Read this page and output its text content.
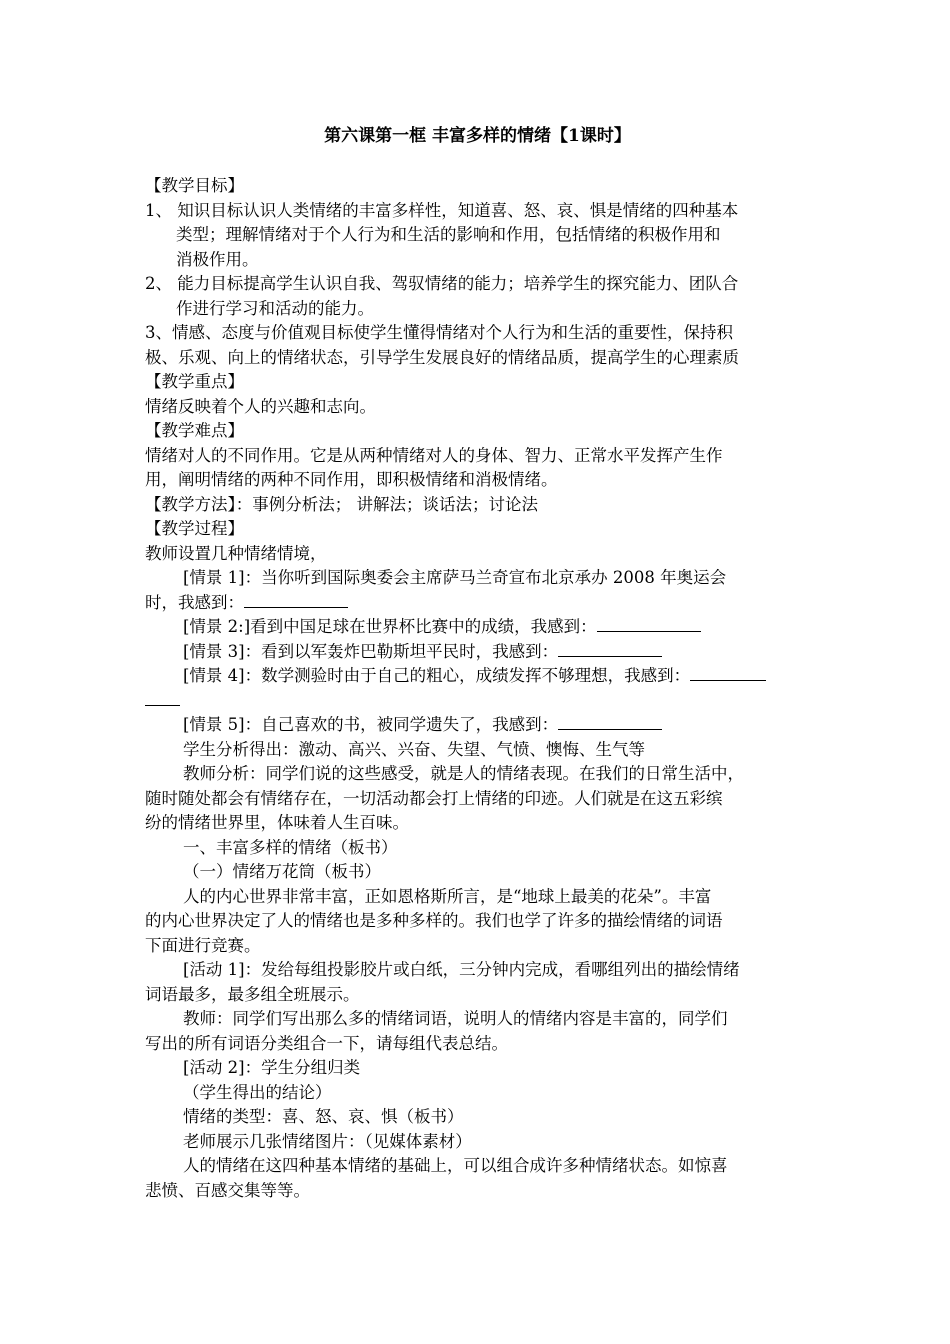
第六课第一框 丰富多样的情绪【1课时】
【教学目标】
1、 知识目标认识人类情绪的丰富多样性，知道喜、怒、哀、惧是情绪的四种基本
类型；理解情绪对于个人行为和生活的影响和作用，包括情绪的积极作用和
消极作用。
2、 能力目标提高学生认识自我、驾驭情绪的能力；培养学生的探究能力、团队合
作进行学习和活动的能力。
3、情感、态度与价值观目标使学生懂得情绪对个人行为和生活的重要性，保持积
极、乐观、向上的情绪状态，引导学生发展良好的情绪品质，提高学生的心理素质
【教学重点】
情绪反映着个人的兴趣和志向。
【教学难点】
情绪对人的不同作用。它是从两种情绪对人的身体、智力、正常水平发挥产生作
用，阐明情绪的两种不同作用，即积极情绪和消极情绪。
【教学方法】：事例分析法； 讲解法；谈话法；讨论法
【教学过程】
教师设置几种情绪情境，
[情景 1]：当你听到国际奥委会主席萨马兰奇宣布北京承办 2008 年奥运会
时，我感到：
[情景 2:]看到中国足球在世界杯比赛中的成绩，我感到：
[情景 3]：看到以军轰炸巴勒斯坦平民时，我感到：
[情景 4]：数学测验时由于自己的粗心，成绩发挥不够理想，我感到：
[情景 5]：自己喜欢的书，被同学遗失了，我感到：
学生分析得出：激动、高兴、兴奋、失望、气愤、懊悔、生气等
教师分析：同学们说的这些感受，就是人的情绪表现。在我们的日常生活中，
随时随处都会有情绪存在，一切活动都会打上情绪的印迹。人们就是在这五彩缤
纷的情绪世界里，体味着人生百味。
一、丰富多样的情绪（板书）
（一）情绪万花筒（板书）
人的内心世界非常丰富，正如恩格斯所言，是“地球上最美的花朵”。丰富
的内心世界决定了人的情绪也是多种多样的。我们也学了许多的描绘情绪的词语
下面进行竞赛。
[活动 1]：发给每组投影胶片或白纸，三分钟内完成，看哪组列出的描绘情绪
词语最多，最多组全班展示。
教师：同学们写出那么多的情绪词语，说明人的情绪内容是丰富的，同学们
写出的所有词语分类组合一下，请每组代表总结。
[活动 2]：学生分组归类
（学生得出的结论）
情绪的类型：喜、怒、哀、惧（板书）
老师展示几张情绪图片：（见媒体素材）
人的情绪在这四种基本情绪的基础上，可以组合成许多种情绪状态。如惊喜
悲愤、百感交集等等。
